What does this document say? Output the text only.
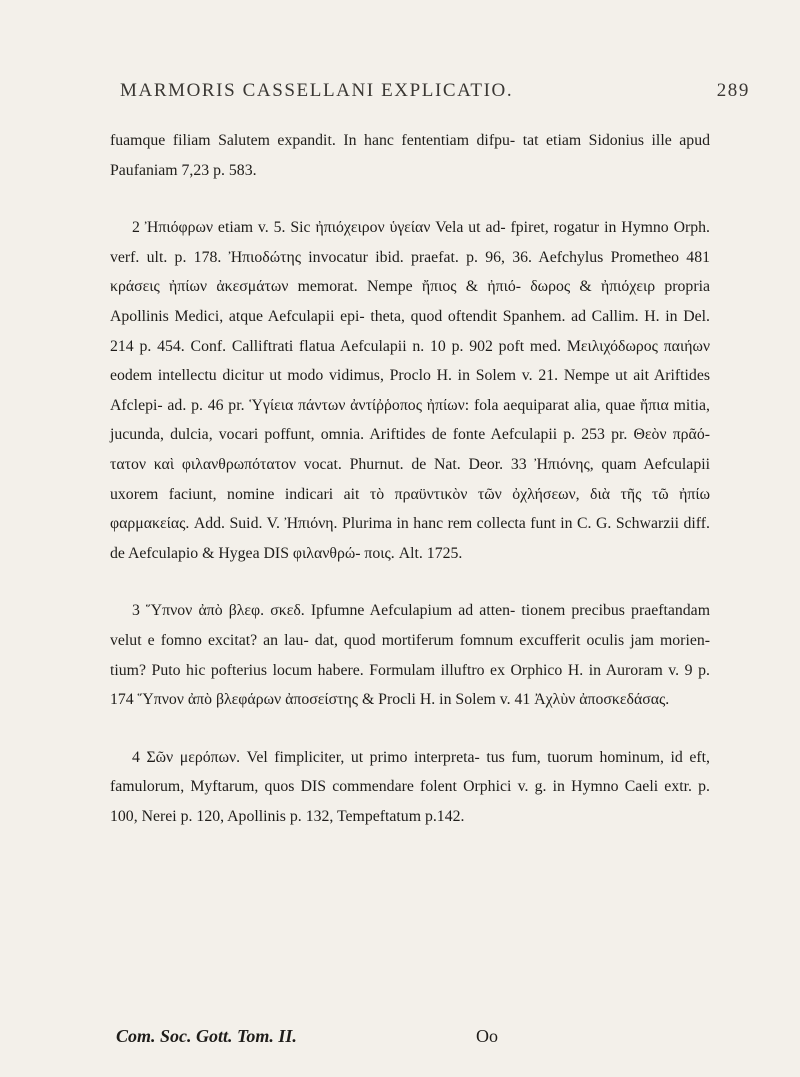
MARMORIS CASSELLANI EXPLICATIO.	289

fuamque filiam Salutem expandit. In hanc fententiam difpu- tat etiam Sidonius ille apud Paufaniam 7,23 p. 583.

2 Ἠπιόφρων etiam v. 5. Sic ἠπιόχειρον ὑγείαν Vela ut ad- fpiret, rogatur in Hymno Orph. verf. ult. p. 178. Ἠπιοδώτης invocatur ibid. praefat. p. 96, 36. Aefchylus Prometheo 481 κράσεις ἠπίων ἀκεσμάτων memorat. Nempe ἤπιος & ἠπιό- δωρος & ἠπιόχειρ propria Apollinis Medici, atque Aefculapii epi- theta, quod oftendit Spanhem. ad Callim. H. in Del. 214 p. 454. Conf. Calliftrati flatua Aefculapii n. 10 p. 902 poft med. Μειλιχόδωρος παιήων eodem intellectu dicitur ut modo vidimus, Proclo H. in Solem v. 21. Nempe ut ait Ariftides Afclepi- ad. p. 46 pr. Ὑγίεια πάντων ἀντίῤῥοπος ἠπίων: fola aequiparat alia, quae ἤπια mitia, jucunda, dulcia, vocari poffunt, omnia. Ariftides de fonte Aefculapii p. 253 pr. Θεὸν πρᾶό- τατον καὶ φιλανθρωπότατον vocat. Phurnut. de Nat. Deor. 33 Ἠπιόνης, quam Aefculapii uxorem faciunt, nomine indicari ait τὸ πραϋντικὸν τῶν ὀχλήσεων, διὰ τῆς τῶ ἠπίω φαρμακείας. Add. Suid. V. Ἠπιόνη. Plurima in hanc rem collecta funt in C. G. Schwarzii diff. de Aefculapio & Hygea DIS φιλανθρώ- ποις. Alt. 1725.

3 Ὕπνον ἀπὸ βλεφ. σκεδ. Ipfumne Aefculapium ad atten- tionem precibus praeftandam velut e fomno excitat? an lau- dat, quod mortiferum fomnum excufferit oculis jam morien- tium? Puto hic pofterius locum habere. Formulam illuftro ex Orphico H. in Auroram v. 9 p. 174 Ὕπνον ἀπὸ βλεφάρων ἀποσείστης & Procli H. in Solem v. 41 Ἀχλὺν ἀποσκεδάσας.

4 Σῶν μερόπων. Vel fimpliciter, ut primo interpreta- tus fum, tuorum hominum, id eft, famulorum, Myftarum, quos DIS commendare folent Orphici v. g. in Hymno Caeli extr. p. 100, Nerei p. 120, Apollinis p. 132, Tempeftatum p.142.

Com. Soc. Gott. Tom. II.	Oo
